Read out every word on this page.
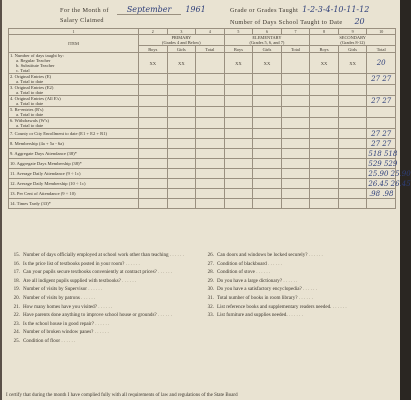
For the Month of September 1961
Salary Claimed
Grade or Grades Taught 1-2-3-4-10-11-12
Number of Days School Taught to Date 20
1	2	3	4	5	6	7	8	9	10
ITEM	PRIMARY
(Grades 4 and Below)			ELEMENTARY
(Grades 5, 6, and 7)			SECONDARY
(Grades 8-12)		
	Boys	Girls	Total	Boys	Girls	Total	Boys	Girls	Total
1. Number of days taught by:
a. Regular Teacher
b. Substitute Teacher
c. Total	XX	XX		XX	XX		XX	XX	20
2. Original Entries (E)
a. Total to date									27 27
3. Original Entries (E2)
a. Total to date									

4. Original Entries (All E's)
a. Total to date									27 27
5. Re-entries (R's)
a. Total to date									

6. Withdrawals (W's)
a. Total to date									

7. County or City Enrollment to date (E1 + E2 + R1)									27 27
8. Membership (4a + 5a - 6a)									27 27
9. Aggregate Days Attendance (38)*									518 518
10. Aggregate Days Membership (38)*									529 529
11. Average Daily Attendance (9 ÷ 1c)									25.90 25.90
12. Average Daily Membership (10 ÷ 1c)									26.45 26.45
13. Per Cent of Attendance (9 ÷ 10)									.98 .98
14. Times Tardy (33)*									
15. Number of days officially employed at school work other than teaching . . . . . .
16. Is the price list of textbooks posted in your room? . . . . . .
17. Can your pupils secure textbooks conveniently at contract prices? . . . . . .
18. Are all indigent pupils supplied with textbooks? . . . . . .
19. Number of visits by Supervisor . . . . . .
20. Number of visits by patrons . . . . . .
21. How many homes have you visited? . . . . . .
22. Have parents done anything to improve school house or grounds? . . . . . .
23. Is the school house in good repair? . . . . . .
24. Number of broken window panes? . . . . . .
25. Condition of floor . . . . . .
26. Can doors and windows be locked securely? . . . . . .
27. Condition of blackboard . . . . . .
28. Condition of stove . . . . . .
29. Do you have a large dictionary? . . . . . .
30. Do you have a satisfactory encyclopedia? . . . . . .
31. Total number of books in room library? . . . . . .
32. List reference books and supplementary readers needed. . . . . . .
33. List furniture and supplies needed. . . . . . .
I certify that during the month I have complied fully with all requirements of law and regulations of the State Board
